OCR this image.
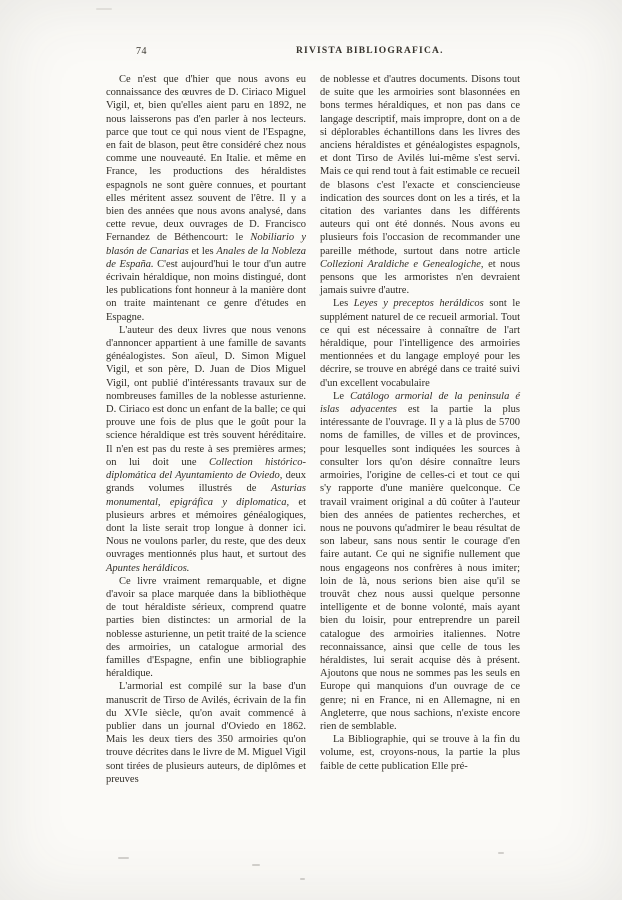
74	RIVISTA BIBLIOGRAFICA.

Ce n'est que d'hier que nous avons eu connaissance des œuvres de D. Ciriaco Miguel Vigil, et, bien qu'elles aient paru en 1892, ne nous laisserons pas d'en parler à nos lecteurs. parce que tout ce qui nous vient de l'Espagne, en fait de blason, peut être considéré chez nous comme une nouveauté. En Italie. et même en France, les productions des héraldistes espagnols ne sont guère connues, et pourtant elles méritent assez souvent de l'être. Il y a bien des années que nous avons analysé, dans cette revue, deux ouvrages de D. Francisco Fernandez de Béthencourt: le Nobiliario y blasón de Canarias et les Anales de la Nobleza de España. C'est aujourd'hui le tour d'un autre écrivain héraldique, non moins distingué, dont les publications font honneur à la manière dont on traite maintenant ce genre d'études en Espagne.

L'auteur des deux livres que nous venons d'annoncer appartient à une famille de savants généalogistes. Son aïeul, D. Simon Miguel Vigil, et son père, D. Juan de Dios Miguel Vigil, ont publié d'intéressants travaux sur de nombreuses familles de la noblesse asturienne. D. Ciriaco est donc un enfant de la balle; ce qui prouve une fois de plus que le goût pour la science héraldique est très souvent héréditaire. Il n'en est pas du reste à ses premières armes; on lui doit une Collection histórico-diplomática del Ayuntamiento de Oviedo, deux grands volumes illustrés de Asturias monumental, epigráfica y diplomatica, et plusieurs arbres et mémoires généalogiques, dont la liste serait trop longue à donner ici. Nous ne voulons parler, du reste, que des deux ouvrages mentionnés plus haut, et surtout des Apuntes heráldicos.

Ce livre vraiment remarquable, et digne d'avoir sa place marquée dans la bibliothèque de tout héraldiste sérieux, comprend quatre parties bien distinctes: un armorial de la noblesse asturienne, un petit traité de la science des armoiries, un catalogue armorial des familles d'Espagne, enfin une bibliographie héraldique.

L'armorial est compilé sur la base d'un manuscrit de Tirso de Avilés, écrivain de la fin du XVIe siècle, qu'on avait commencé à publier dans un journal d'Oviedo en 1862. Mais les deux tiers des 350 armoiries qu'on trouve décrites dans le livre de M. Miguel Vigil sont tirées de plusieurs auteurs, de diplômes et preuves

de noblesse et d'autres documents. Disons tout de suite que les armoiries sont blasonnées en bons termes héraldiques, et non pas dans ce langage descriptif, mais impropre, dont on a de si déplorables échantillons dans les livres des anciens héraldistes et généalogistes espagnols, et dont Tirso de Avilés lui-même s'est servi. Mais ce qui rend tout à fait estimable ce recueil de blasons c'est l'exacte et consciencieuse indication des sources dont on les a tirés, et la citation des variantes dans les différents auteurs qui ont été donnés. Nous avons eu plusieurs fois l'occasion de recommander une pareille méthode, surtout dans notre article Collezioni Araldiche e Genealogiche, et nous pensons que les armoristes n'en devraient jamais suivre d'autre.

Les Leyes y preceptos heráldicos sont le supplément naturel de ce recueil armorial. Tout ce qui est nécessaire à connaître de l'art héraldique, pour l'intelligence des armoiries mentionnées et du langage employé pour les décrire, se trouve en abrégé dans ce traité suivi d'un excellent vocabulaire

Le Catálogo armorial de la peninsula é islas adyacentes est la partie la plus intéressante de l'ouvrage. Il y a là plus de 5700 noms de familles, de villes et de provinces, pour lesquelles sont indiquées les sources à consulter lors qu'on désire connaître leurs armoiries, l'origine de celles-ci et tout ce qui s'y rapporte d'une manière quelconque. Ce travail vraiment original a dû coûter à l'auteur bien des années de patientes recherches, et nous ne pouvons qu'admirer le beau résultat de son labeur, sans nous sentir le courage d'en faire autant. Ce qui ne signifie nullement que nous engageons nos confrères à nous imiter; loin de là, nous serions bien aise qu'il se trouvât chez nous aussi quelque personne intelligente et de bonne volonté, mais ayant bien du loisir, pour entreprendre un pareil catalogue des armoiries italiennes. Notre reconnaissance, ainsi que celle de tous les héraldistes, lui serait acquise dès à présent. Ajoutons que nous ne sommes pas les seuls en Europe qui manquions d'un ouvrage de ce genre; ni en France, ni en Allemagne, ni en Angleterre, que nous sachions, n'existe encore rien de semblable.

La Bibliographie, qui se trouve à la fin du volume, est, croyons-nous, la partie la plus faible de cette publication Elle pré-
